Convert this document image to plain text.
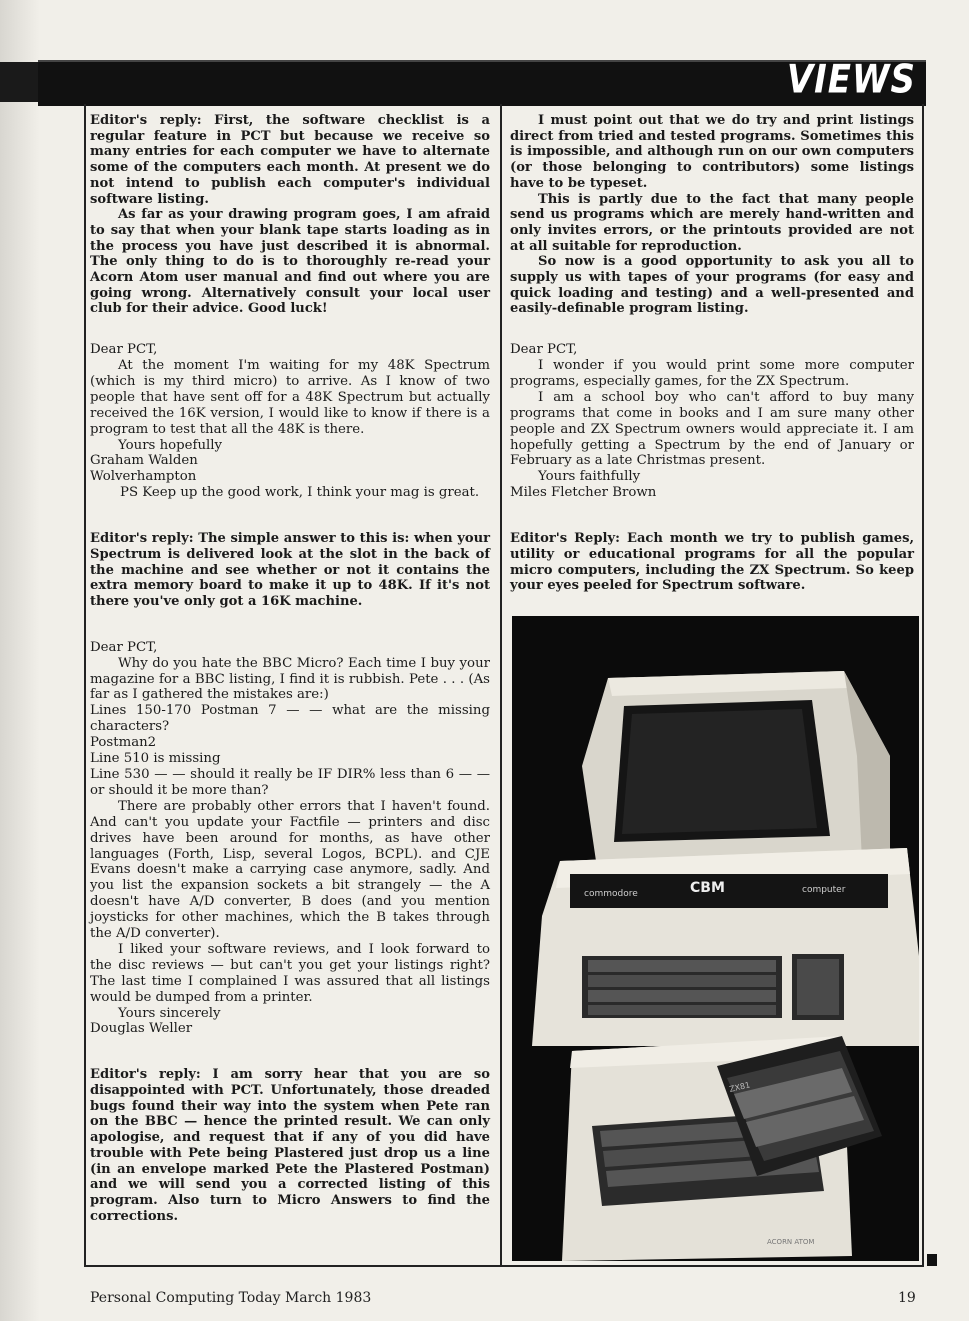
VIEWS

Editor's reply: First, the software checklist is a regular feature in PCT but because we receive so many entries for each computer we have to alternate some of the computers each month. At present we do not intend to publish each computer's individual software listing.

As far as your drawing program goes, I am afraid to say that when your blank tape starts loading as in the process you have just described it is abnormal. The only thing to do is to thoroughly re-read your Acorn Atom user manual and find out where you are going wrong. Alternatively consult your local user club for their advice. Good luck!

Dear PCT,

At the moment I'm waiting for my 48K Spectrum (which is my third micro) to arrive. As I know of two people that have sent off for a 48K Spectrum but actually received the 16K version, I would like to know if there is a program to test that all the 48K is there.

Yours hopefully

Graham Walden

Wolverhampton

PS Keep up the good work, I think your mag is great.

Editor's reply: The simple answer to this is: when your Spectrum is delivered look at the slot in the back of the machine and see whether or not it contains the extra memory board to make it up to 48K. If it's not there you've only got a 16K machine.

Dear PCT,

Why do you hate the BBC Micro? Each time I buy your magazine for a BBC listing, I find it is rubbish. Pete . . . (As far as I gathered the mistakes are:)

Lines 150-170 Postman 7 — — what are the missing characters?

Postman2

Line 510 is missing

Line 530 — — should it really be IF DIR% less than 6 — — or should it be more than?

There are probably other errors that I haven't found. And can't you update your Factfile — printers and disc drives have been around for months, as have other languages (Forth, Lisp, several Logos, BCPL). and CJE Evans doesn't make a carrying case anymore, sadly. And you list the expansion sockets a bit strangely — the A doesn't have A/D converter, B does (and you mention joysticks for other machines, which the B takes through the A/D converter).

I liked your software reviews, and I look forward to the disc reviews — but can't you get your listings right? The last time I complained I was assured that all listings would be dumped from a printer.

Yours sincerely

Douglas Weller

Editor's reply: I am sorry hear that you are so disappointed with PCT. Unfortunately, those dreaded bugs found their way into the system when Pete ran on the BBC — hence the printed result. We can only apologise, and request that if any of you did have trouble with Pete being Plastered just drop us a line (in an envelope marked Pete the Plastered Postman) and we will send you a corrected listing of this program. Also turn to Micro Answers to find the corrections.

I must point out that we do try and print listings direct from tried and tested programs. Sometimes this is impossible, and although run on our own computers (or those belonging to contributors) some listings have to be typeset.

This is partly due to the fact that many people send us programs which are merely hand-written and only invites errors, or the printouts provided are not at all suitable for reproduction.

So now is a good opportunity to ask you all to supply us with tapes of your programs (for easy and quick loading and testing) and a well-presented and easily-definable program listing.

Dear PCT,

I wonder if you would print some more computer programs, especially games, for the ZX Spectrum.

I am a school boy who can't afford to buy many programs that come in books and I am sure many other people and ZX Spectrum owners would appreciate it. I am hopefully getting a Spectrum by the end of January or February as a late Christmas present.

Yours faithfully

Miles Fletcher Brown

Editor's Reply: Each month we try to publish games, utility or educational programs for all the popular micro computers, including the ZX Spectrum. So keep your eyes peeled for Spectrum software.

commodore	CBM	computer
ACORN ATOM
ZX81
Personal Computing Today March 1983	19
